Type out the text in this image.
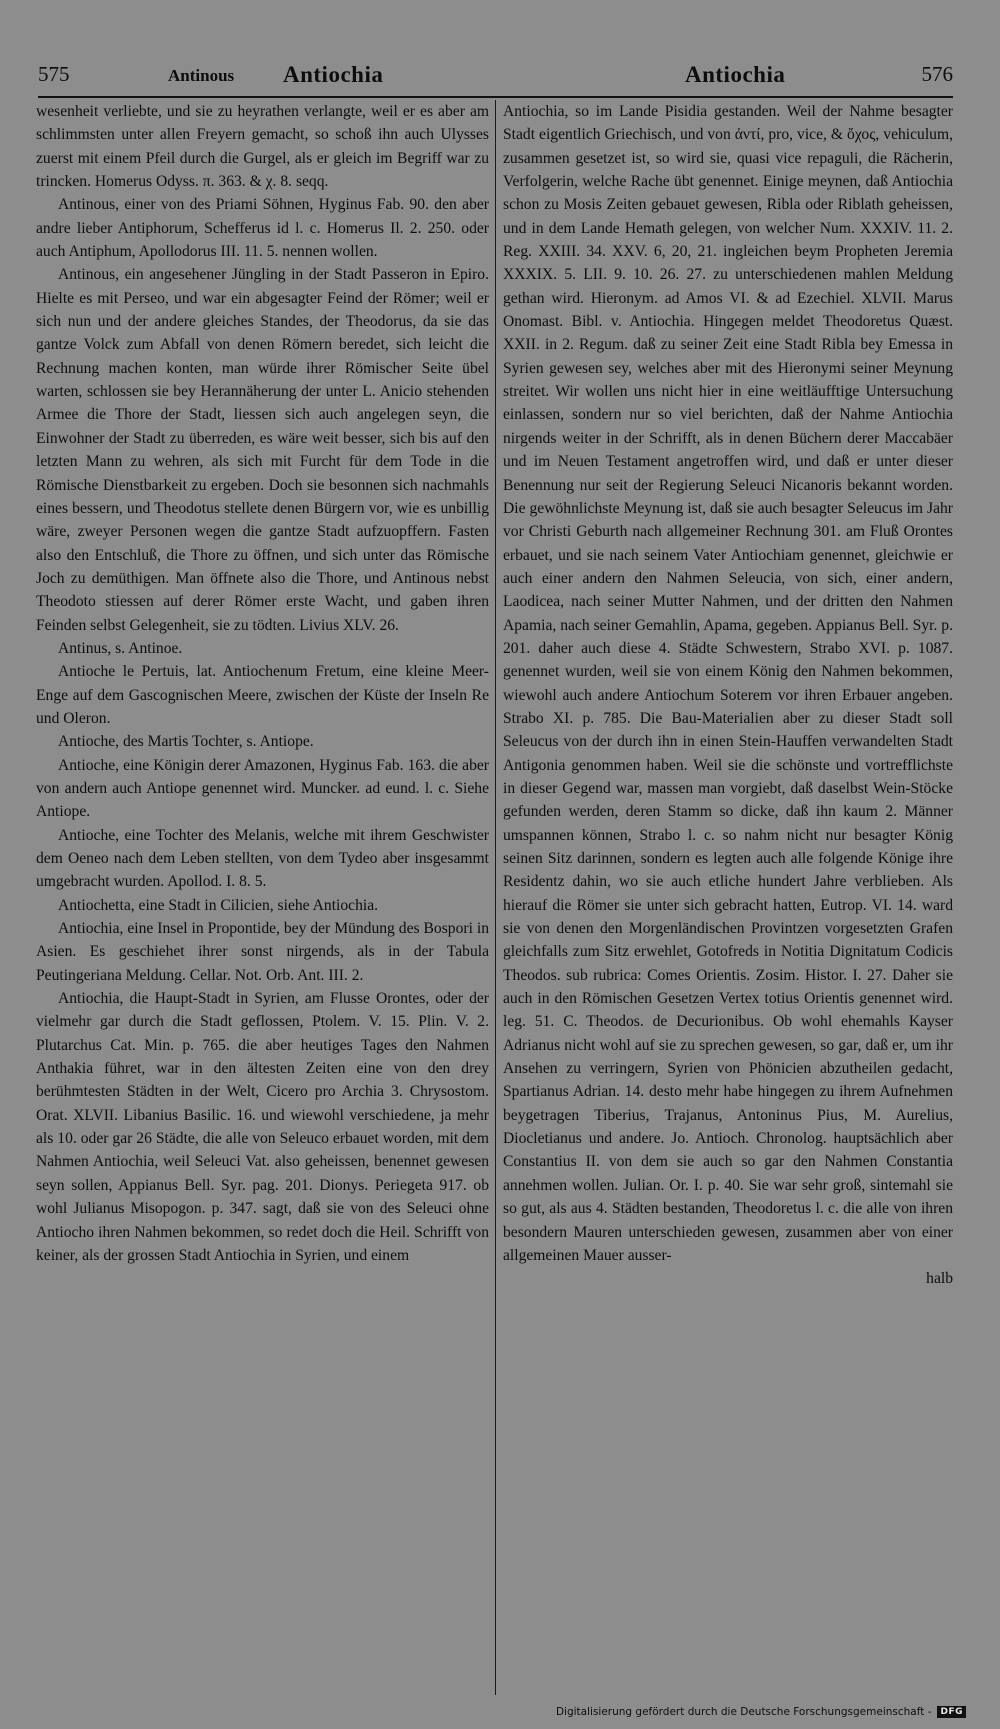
575	Antinous Antiochia	Antiochia	576

wesenheit verliebte, und sie zu heyrathen verlangte, weil er es aber am schlimmsten unter allen Freyern gemacht, so schoß ihn auch Ulysses zuerst mit einem Pfeil durch die Gurgel, als er gleich im Begriff war zu trincken. Homerus Odyss. π. 363. & χ. 8. seqq.

Antinous, einer von des Priami Söhnen, Hyginus Fab. 90. den aber andre lieber Antiphorum, Schefferus id l. c. Homerus Il. 2. 250. oder auch Antiphum, Apollodorus III. 11. 5. nennen wollen.

Antinous, ein angesehener Jüngling in der Stadt Passeron in Epiro. Hielte es mit Perseo, und war ein abgesagter Feind der Römer; weil er sich nun und der andere gleiches Standes, der Theodorus, da sie das gantze Volck zum Abfall von denen Römern beredet, sich leicht die Rechnung machen konten, man würde ihrer Römischer Seite übel warten, schlossen sie bey Herannäherung der unter L. Anicio stehenden Armee die Thore der Stadt, liessen sich auch angelegen seyn, die Einwohner der Stadt zu überreden, es wäre weit besser, sich bis auf den letzten Mann zu wehren, als sich mit Furcht für dem Tode in die Römische Dienstbarkeit zu ergeben. Doch sie besonnen sich nachmahls eines bessern, und Theodotus stellete denen Bürgern vor, wie es unbillig wäre, zweyer Personen wegen die gantze Stadt aufzuopffern. Fasten also den Entschluß, die Thore zu öffnen, und sich unter das Römische Joch zu demüthigen. Man öffnete also die Thore, und Antinous nebst Theodoto stiessen auf derer Römer erste Wacht, und gaben ihren Feinden selbst Gelegenheit, sie zu tödten. Livius XLV. 26.

Antinus, s. Antinoe.

Antioche le Pertuis, lat. Antiochenum Fretum, eine kleine Meer-Enge auf dem Gascognischen Meere, zwischen der Küste der Inseln Re und Oleron.

Antioche, des Martis Tochter, s. Antiope.

Antioche, eine Königin derer Amazonen, Hyginus Fab. 163. die aber von andern auch Antiope genennet wird. Muncker. ad eund. l. c. Siehe Antiope.

Antioche, eine Tochter des Melanis, welche mit ihrem Geschwister dem Oeneo nach dem Leben stellten, von dem Tydeo aber insgesammt umgebracht wurden. Apollod. I. 8. 5.

Antiochetta, eine Stadt in Cilicien, siehe Antiochia.

Antiochia, eine Insel in Propontide, bey der Mündung des Bospori in Asien. Es geschiehet ihrer sonst nirgends, als in der Tabula Peutingeriana Meldung. Cellar. Not. Orb. Ant. III. 2.

Antiochia, die Haupt-Stadt in Syrien, am Flusse Orontes, oder der vielmehr gar durch die Stadt geflossen, Ptolem. V. 15. Plin. V. 2. Plutarchus Cat. Min. p. 765. die aber heutiges Tages den Nahmen Anthakia führet, war in den ältesten Zeiten eine von den drey berühmtesten Städten in der Welt, Cicero pro Archia 3. Chrysostom. Orat. XLVII. Libanius Basilic. 16. und wiewohl verschiedene, ja mehr als 10. oder gar 26 Städte, die alle von Seleuco erbauet worden, mit dem Nahmen Antiochia, weil Seleuci Vat. also geheissen, benennet gewesen seyn sollen, Appianus Bell. Syr. pag. 201. Dionys. Periegeta 917. ob wohl Julianus Misopogon. p. 347. sagt, daß sie von des Seleuci ohne Antiocho ihren Nahmen bekommen, so redet doch die Heil. Schrifft von keiner, als der grossen Stadt Antiochia in Syrien, und einem

Antiochia, so im Lande Pisidia gestanden. Weil der Nahme besagter Stadt eigentlich Griechisch, und von ἀντί, pro, vice, & ὄχος, vehiculum, zusammen gesetzet ist, so wird sie, quasi vice repaguli, die Rächerin, Verfolgerin, welche Rache übt genennet. Einige meynen, daß Antiochia schon zu Mosis Zeiten gebauet gewesen, Ribla oder Riblath geheissen, und in dem Lande Hemath gelegen, von welcher Num. XXXIV. 11. 2. Reg. XXIII. 34. XXV. 6, 20, 21. ingleichen beym Propheten Jeremia XXXIX. 5. LII. 9. 10. 26. 27. zu unterschiedenen mahlen Meldung gethan wird. Hieronym. ad Amos VI. & ad Ezechiel. XLVII. Marus Onomast. Bibl. v. Antiochia. Hingegen meldet Theodoretus Quæst. XXII. in 2. Regum. daß zu seiner Zeit eine Stadt Ribla bey Emessa in Syrien gewesen sey, welches aber mit des Hieronymi seiner Meynung streitet. Wir wollen uns nicht hier in eine weitläufftige Untersuchung einlassen, sondern nur so viel berichten, daß der Nahme Antiochia nirgends weiter in der Schrifft, als in denen Büchern derer Maccabäer und im Neuen Testament angetroffen wird, und daß er unter dieser Benennung nur seit der Regierung Seleuci Nicanoris bekannt worden. Die gewöhnlichste Meynung ist, daß sie auch besagter Seleucus im Jahr vor Christi Geburth nach allgemeiner Rechnung 301. am Fluß Orontes erbauet, und sie nach seinem Vater Antiochiam genennet, gleichwie er auch einer andern den Nahmen Seleucia, von sich, einer andern, Laodicea, nach seiner Mutter Nahmen, und der dritten den Nahmen Apamia, nach seiner Gemahlin, Apama, gegeben. Appianus Bell. Syr. p. 201. daher auch diese 4. Städte Schwestern, Strabo XVI. p. 1087. genennet wurden, weil sie von einem König den Nahmen bekommen, wiewohl auch andere Antiochum Soterem vor ihren Erbauer angeben. Strabo XI. p. 785. Die Bau-Materialien aber zu dieser Stadt soll Seleucus von der durch ihn in einen Stein-Hauffen verwandelten Stadt Antigonia genommen haben. Weil sie die schönste und vortrefflichste in dieser Gegend war, massen man vorgiebt, daß daselbst Wein-Stöcke gefunden werden, deren Stamm so dicke, daß ihn kaum 2. Männer umspannen können, Strabo l. c. so nahm nicht nur besagter König seinen Sitz darinnen, sondern es legten auch alle folgende Könige ihre Residentz dahin, wo sie auch etliche hundert Jahre verblieben. Als hierauf die Römer sie unter sich gebracht hatten, Eutrop. VI. 14. ward sie von denen den Morgenländischen Provintzen vorgesetzten Grafen gleichfalls zum Sitz erwehlet, Gotofreds in Notitia Dignitatum Codicis Theodos. sub rubrica: Comes Orientis. Zosim. Histor. I. 27. Daher sie auch in den Römischen Gesetzen Vertex totius Orientis genennet wird. leg. 51. C. Theodos. de Decurionibus. Ob wohl ehemahls Kayser Adrianus nicht wohl auf sie zu sprechen gewesen, so gar, daß er, um ihr Ansehen zu verringern, Syrien von Phönicien abzutheilen gedacht, Spartianus Adrian. 14. desto mehr habe hingegen zu ihrem Aufnehmen beygetragen Tiberius, Trajanus, Antoninus Pius, M. Aurelius, Diocletianus und andere. Jo. Antioch. Chronolog. hauptsächlich aber Constantius II. von dem sie auch so gar den Nahmen Constantia annehmen wollen. Julian. Or. I. p. 40. Sie war sehr groß, sintemahl sie so gut, als aus 4. Städten bestanden, Theodoretus l. c. die alle von ihren besondern Mauren unterschieden gewesen, zusammen aber von einer allgemeinen Mauer ausser-

halb

Digitalisierung gefördert durch die Deutsche Forschungsgemeinschaft -	DFG
